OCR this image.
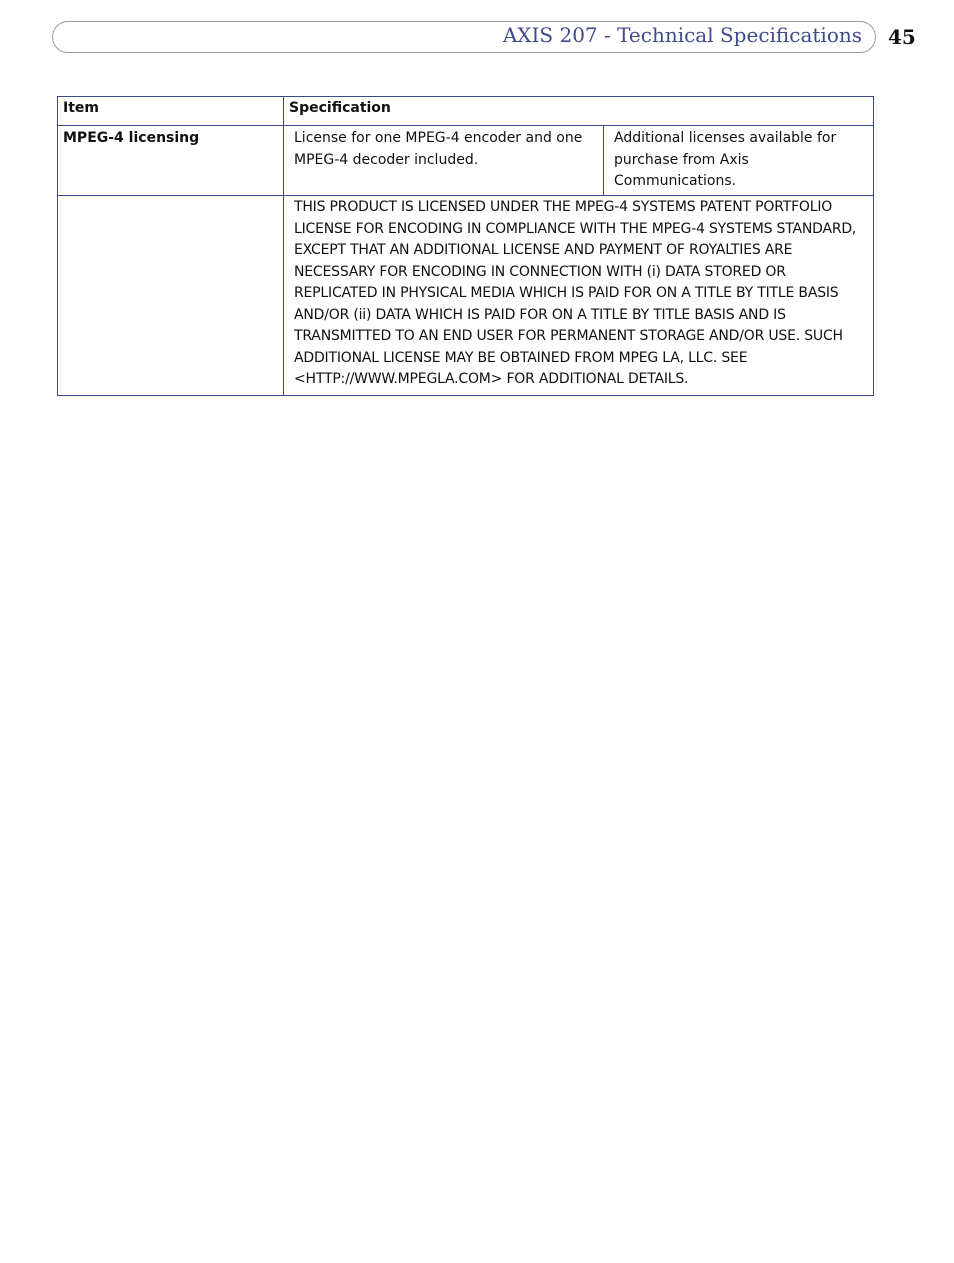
AXIS 207 - Technical Specifications 45
Item	Specification	
MPEG-4 licensing	License for one MPEG-4 encoder and one MPEG-4 decoder included.	Additional licenses available for purchase from Axis Communications.
	THIS PRODUCT IS LICENSED UNDER THE MPEG-4 SYSTEMS PATENT PORTFOLIO LICENSE FOR ENCODING IN COMPLIANCE WITH THE MPEG-4 SYSTEMS STANDARD, EXCEPT THAT AN ADDITIONAL LICENSE AND PAYMENT OF ROYALTIES ARE NECESSARY FOR ENCODING IN CONNECTION WITH (i) DATA STORED OR REPLICATED IN PHYSICAL MEDIA WHICH IS PAID FOR ON A TITLE BY TITLE BASIS AND/OR (ii) DATA WHICH IS PAID FOR ON A TITLE BY TITLE BASIS AND IS TRANSMITTED TO AN END USER FOR PERMANENT STORAGE AND/OR USE. SUCH ADDITIONAL LICENSE MAY BE OBTAINED FROM MPEG LA, LLC. SEE <HTTP://WWW.MPEGLA.COM> FOR ADDITIONAL DETAILS.	
